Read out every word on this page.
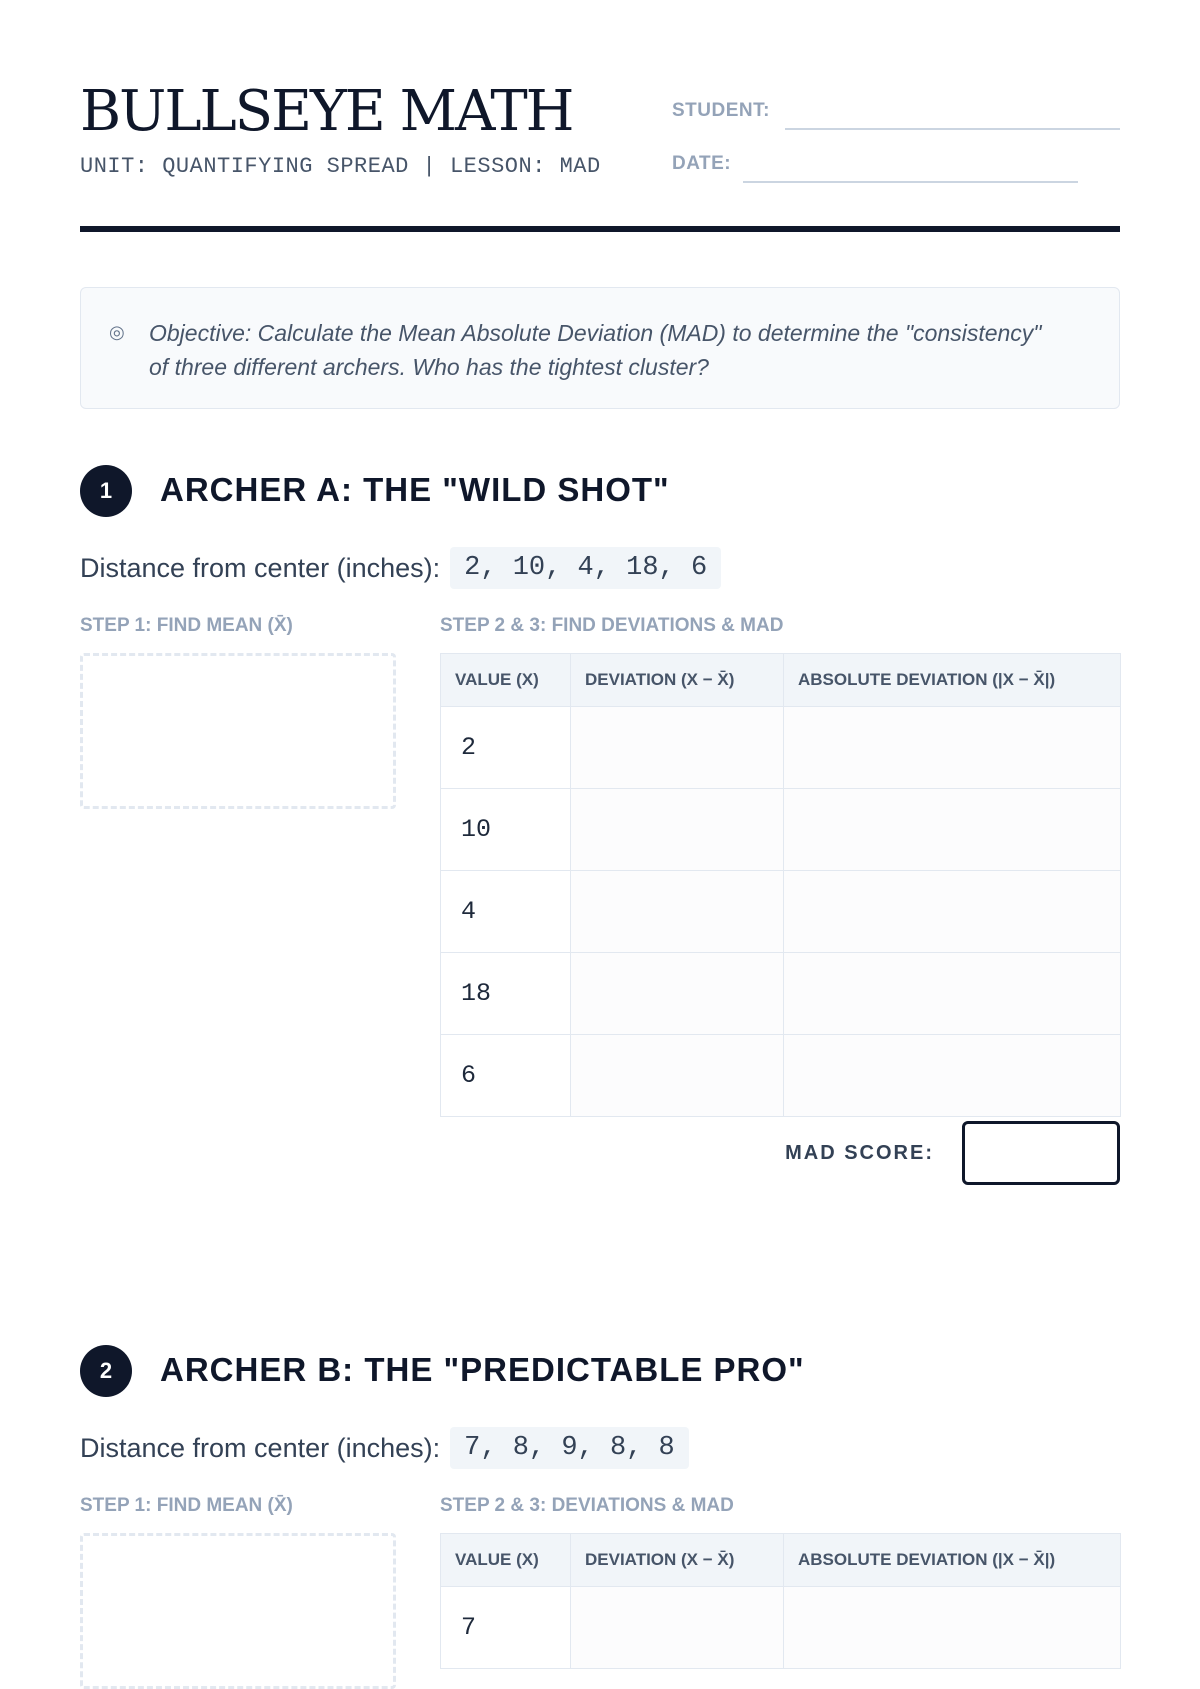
BULLSEYE MATH
UNIT: QUANTIFYING SPREAD | LESSON: MAD
STUDENT:
DATE:
◎ Objective: Calculate the Mean Absolute Deviation (MAD) to determine the "consistency" of three different archers. Who has the tightest cluster?
1	ARCHER A: THE "WILD SHOT"
Distance from center (inches): 2, 10, 4, 18, 6
STEP 1: FIND MEAN (X̄)	STEP 2 & 3: FIND DEVIATIONS & MAD
VALUE (X)	DEVIATION (X − X̄)	ABSOLUTE DEVIATION (|X − X̄|)
2		
10		
4		
18		
6		
MAD SCORE:
2	ARCHER B: THE "PREDICTABLE PRO"
Distance from center (inches): 7, 8, 9, 8, 8
STEP 1: FIND MEAN (X̄)	STEP 2 & 3: DEVIATIONS & MAD
VALUE (X)	DEVIATION (X − X̄)	ABSOLUTE DEVIATION (|X − X̄|)
7		
